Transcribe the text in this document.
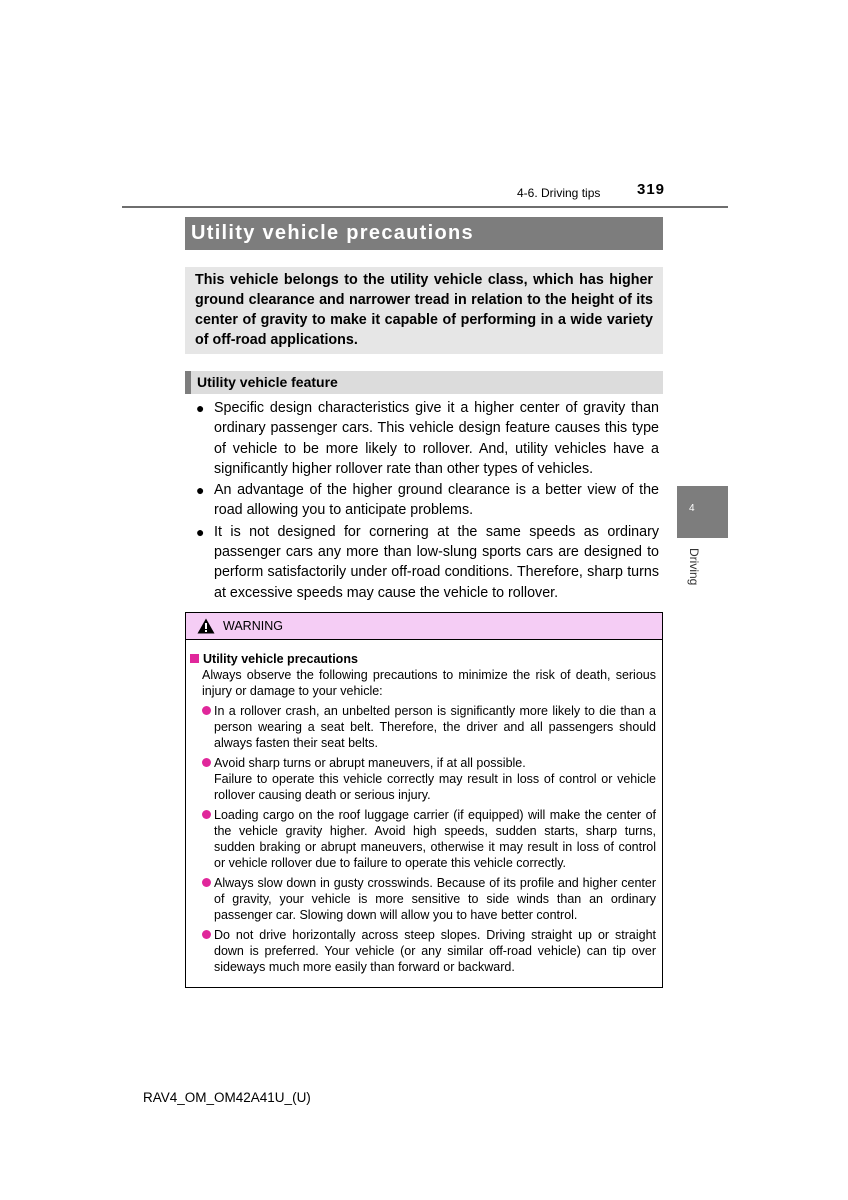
4-6. Driving tips 319
Utility vehicle precautions
This vehicle belongs to the utility vehicle class, which has higher ground clearance and narrower tread in relation to the height of its center of gravity to make it capable of performing in a wide variety of off-road applications.
Utility vehicle feature
● Specific design characteristics give it a higher center of gravity than ordinary passenger cars. This vehicle design feature causes this type of vehicle to be more likely to rollover. And, utility vehicles have a significantly higher rollover rate than other types of vehicles.
● An advantage of the higher ground clearance is a better view of the road allowing you to anticipate problems.
● It is not designed for cornering at the same speeds as ordinary passenger cars any more than low-slung sports cars are designed to perform satisfactorily under off-road conditions. Therefore, sharp turns at excessive speeds may cause the vehicle to rollover.
WARNING
Utility vehicle precautions
Always observe the following precautions to minimize the risk of death, serious injury or damage to your vehicle:
In a rollover crash, an unbelted person is significantly more likely to die than a person wearing a seat belt. Therefore, the driver and all passengers should always fasten their seat belts.
Avoid sharp turns or abrupt maneuvers, if at all possible.
Failure to operate this vehicle correctly may result in loss of control or vehicle rollover causing death or serious injury.
Loading cargo on the roof luggage carrier (if equipped) will make the center of the vehicle gravity higher. Avoid high speeds, sudden starts, sharp turns, sudden braking or abrupt maneuvers, otherwise it may result in loss of control or vehicle rollover due to failure to operate this vehicle correctly.
Always slow down in gusty crosswinds. Because of its profile and higher center of gravity, your vehicle is more sensitive to side winds than an ordinary passenger car. Slowing down will allow you to have better control.
Do not drive horizontally across steep slopes. Driving straight up or straight down is preferred. Your vehicle (or any similar off-road vehicle) can tip over sideways much more easily than forward or backward.
4
Driving
RAV4_OM_OM42A41U_(U)
